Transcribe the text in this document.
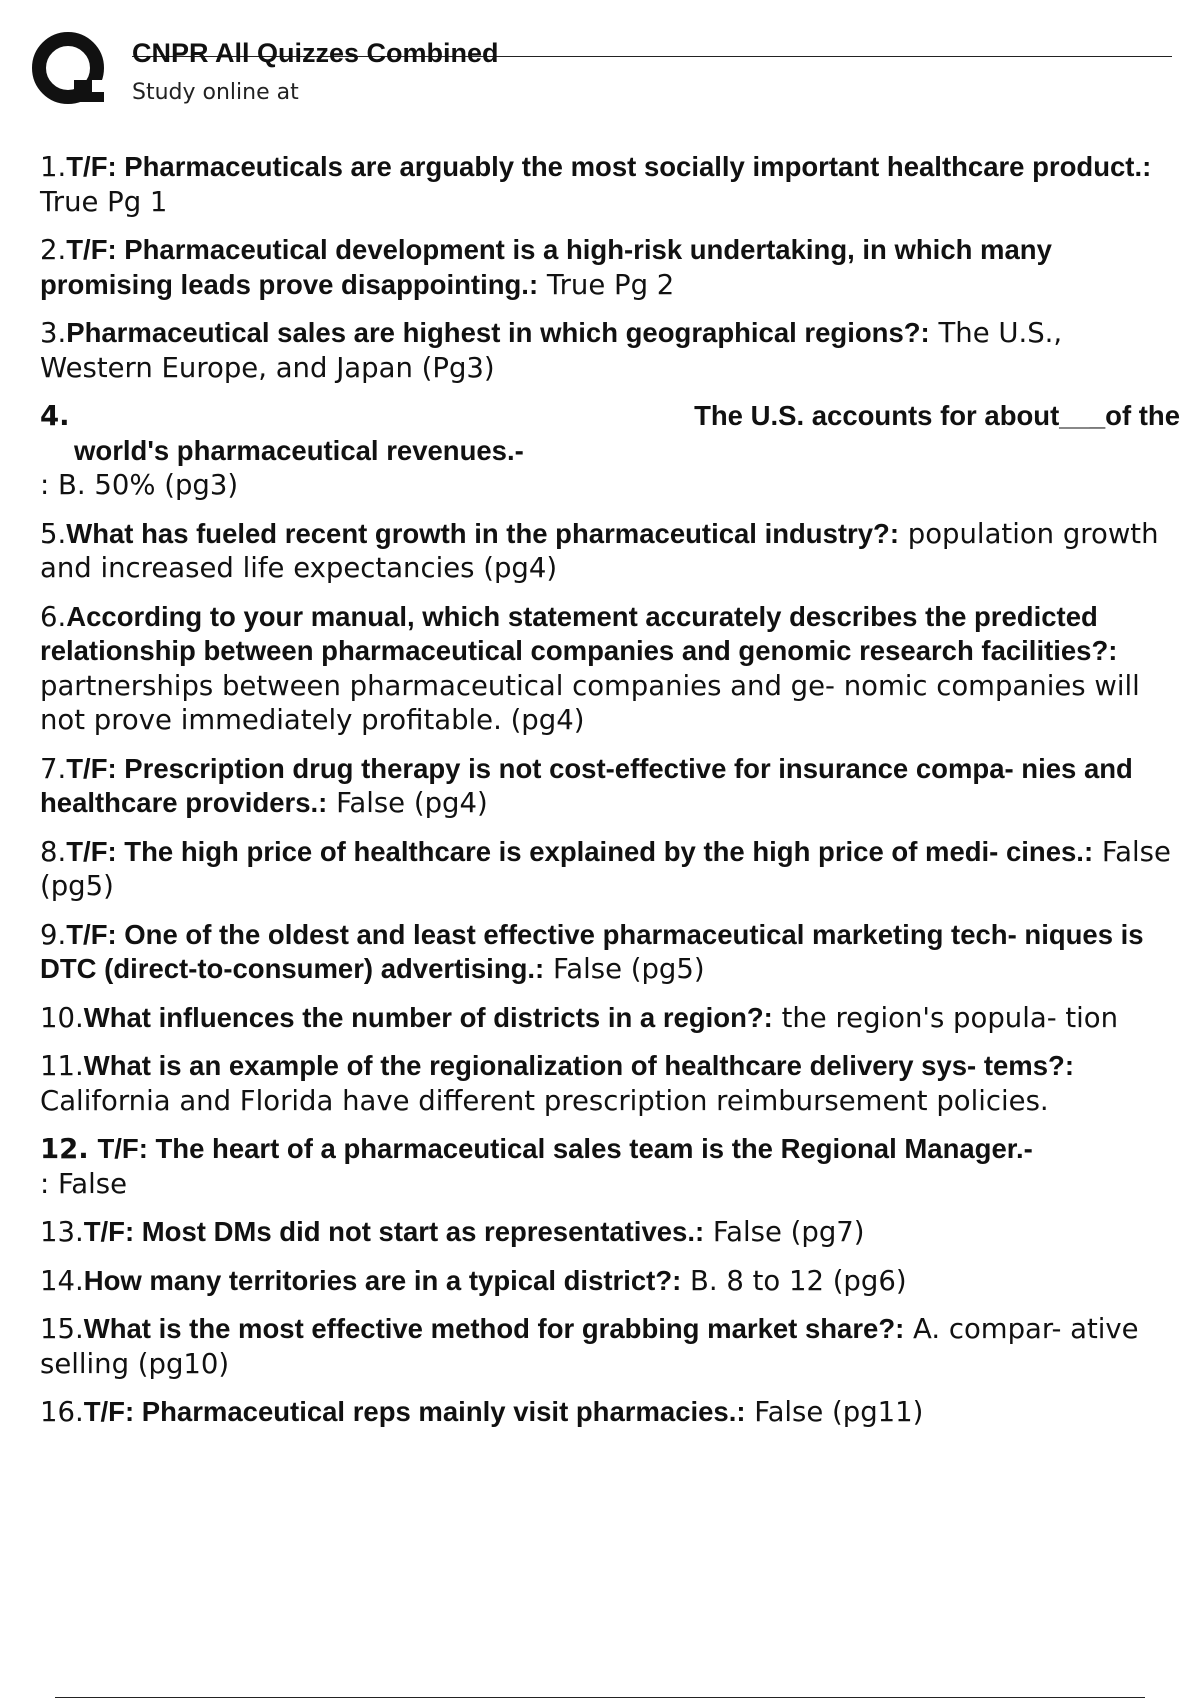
CNPR All Quizzes Combined
Study online at

1.T/F: Pharmaceuticals are arguably the most socially important healthcare product.: True Pg 1

2.T/F: Pharmaceutical development is a high-risk undertaking, in which many promising leads prove disappointing.: True Pg 2

3.Pharmaceutical sales are highest in which geographical regions?: The U.S., Western Europe, and Japan (Pg3)

4.	The U.S. accounts for about___of the
world's pharmaceutical revenues.-
: B. 50% (pg3)

5.What has fueled recent growth in the pharmaceutical industry?: population growth and increased life expectancies (pg4)

6.According to your manual, which statement accurately describes the predicted relationship between pharmaceutical companies and genomic research facilities?: partnerships between pharmaceutical companies and ge- nomic companies will not prove immediately profitable. (pg4)

7.T/F: Prescription drug therapy is not cost-effective for insurance compa- nies and healthcare providers.: False (pg4)

8.T/F: The high price of healthcare is explained by the high price of medi- cines.: False (pg5)

9.T/F: One of the oldest and least effective pharmaceutical marketing tech- niques is DTC (direct-to-consumer) advertising.: False (pg5)

10.What influences the number of districts in a region?: the region's popula- tion

11.What is an example of the regionalization of healthcare delivery sys- tems?: California and Florida have different prescription reimbursement policies.

12. T/F: The heart of a pharmaceutical sales team is the Regional Manager.-
: False

13.T/F: Most DMs did not start as representatives.: False (pg7)

14.How many territories are in a typical district?: B. 8 to 12 (pg6)

15.What is the most effective method for grabbing market share?: A. compar- ative selling (pg10)

16.T/F: Pharmaceutical reps mainly visit pharmacies.: False (pg11)
